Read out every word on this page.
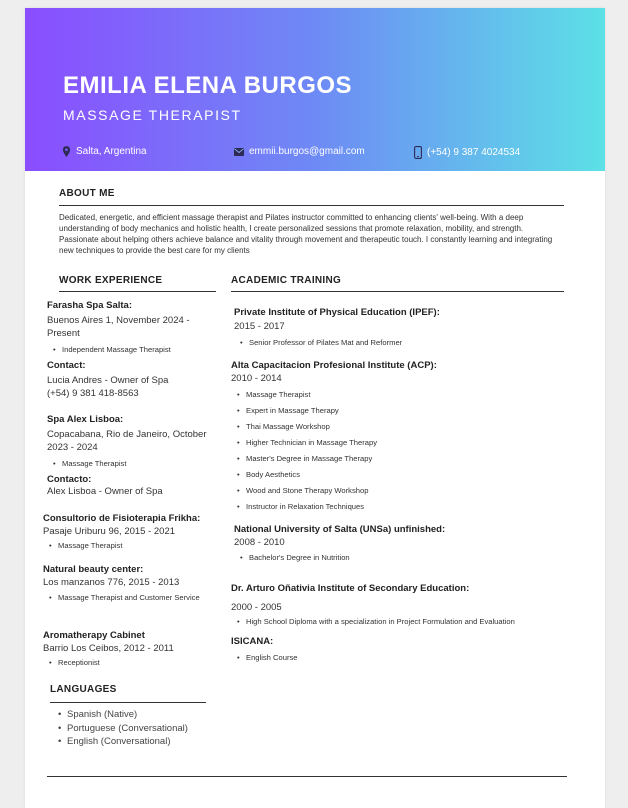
EMILIA ELENA BURGOS
MASSAGE THERAPIST
Salta, Argentina	emmii.burgos@gmail.com	(+54) 9 387 4024534
ABOUT ME
Dedicated, energetic, and efficient massage therapist and Pilates instructor committed to enhancing clients' well-being. With a deep understanding of body mechanics and holistic health, I create personalized sessions that promote relaxation, mobility, and strength. Passionate about helping others achieve balance and vitality through movement and therapeutic touch. I constantly learning and integrating new techniques to provide the best care for my clients
WORK EXPERIENCE
Farasha Spa Salta:
Buenos Aires 1, November 2024 - Present
• Independent Massage Therapist
Contact:
Lucia Andres - Owner of Spa
(+54) 9 381 418-8563
Spa Alex Lisboa:
Copacabana, Rio de Janeiro, October 2023 - 2024
• Massage Therapist
Contacto:
Alex Lisboa - Owner of Spa
Consultorio de Fisioterapia Frikha:
Pasaje Uriburu 96, 2015 - 2021
• Massage Therapist
Natural beauty center:
Los manzanos 776, 2015 - 2013
• Massage Therapist and Customer Service
Aromatherapy Cabinet
Barrio Los Ceibos, 2012 - 2011
• Receptionist
LANGUAGES
• Spanish (Native)
• Portuguese (Conversational)
• English (Conversational)
ACADEMIC TRAINING
Private Institute of Physical Education (IPEF):
2015 - 2017
• Senior Professor of Pilates Mat and Reformer
Alta Capacitacion Profesional Institute (ACP):
2010 - 2014
• Massage Therapist
• Expert in Massage Therapy
• Thai Massage Workshop
• Higher Technician in Massage Therapy
• Master's Degree in Massage Therapy
• Body Aesthetics
• Wood and Stone Therapy Workshop
• Instructor in Relaxation Techniques
National University of Salta (UNSa) unfinished:
2008 - 2010
• Bachelor's Degree in Nutrition
Dr. Arturo Oñativia Institute of Secondary Education:
2000 - 2005
• High School Diploma with a specialization in Project Formulation and Evaluation
ISICANA:
• English Course
